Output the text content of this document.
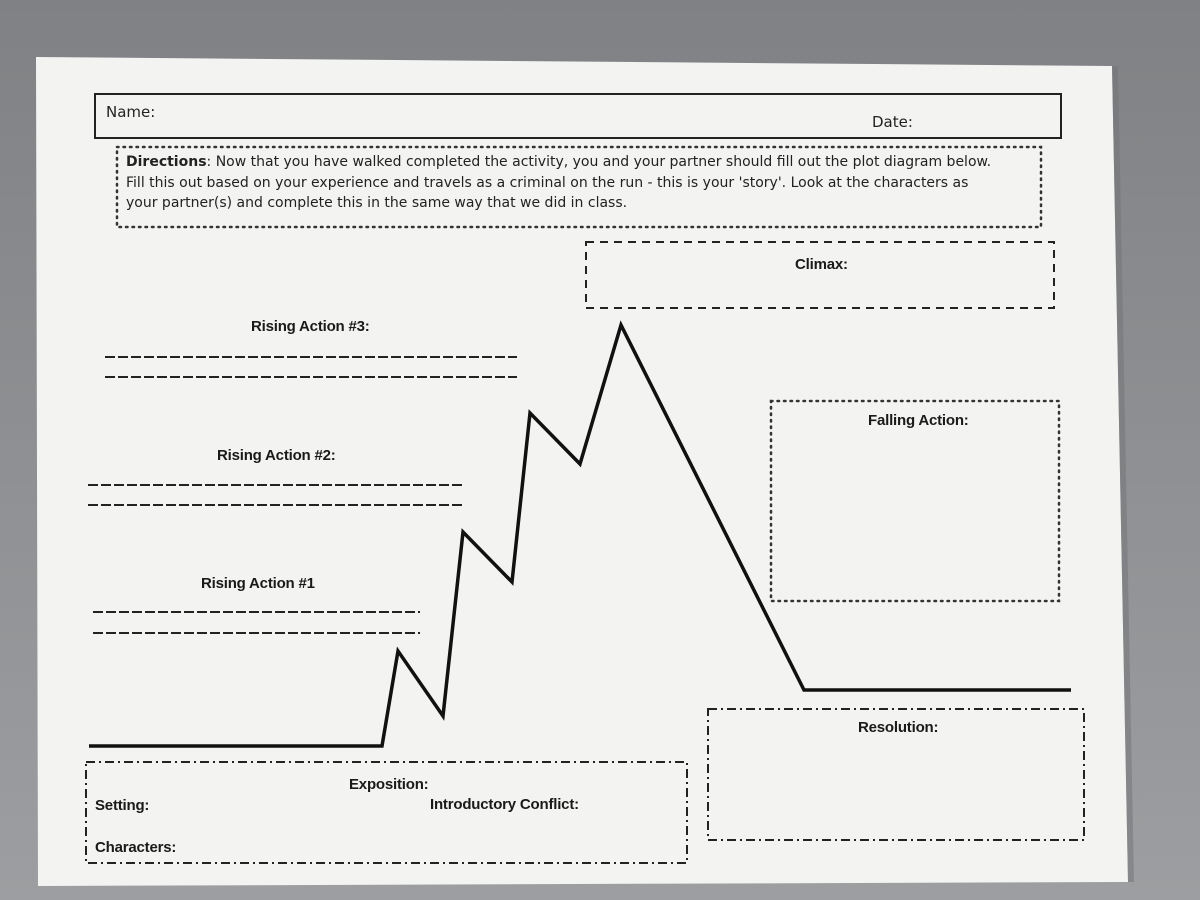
Name:
Date:
Directions: Now that you have walked completed the activity, you and your partner should fill out the plot diagram below.
Fill this out based on your experience and travels as a criminal on the run - this is your 'story'. Look at the characters as
your partner(s) and complete this in the same way that we did in class.
Climax:
Rising Action #3:
Rising Action #2:
Rising Action #1
Falling Action:
Resolution:
Exposition:
Setting:	Introductory Conflict:
Characters:
